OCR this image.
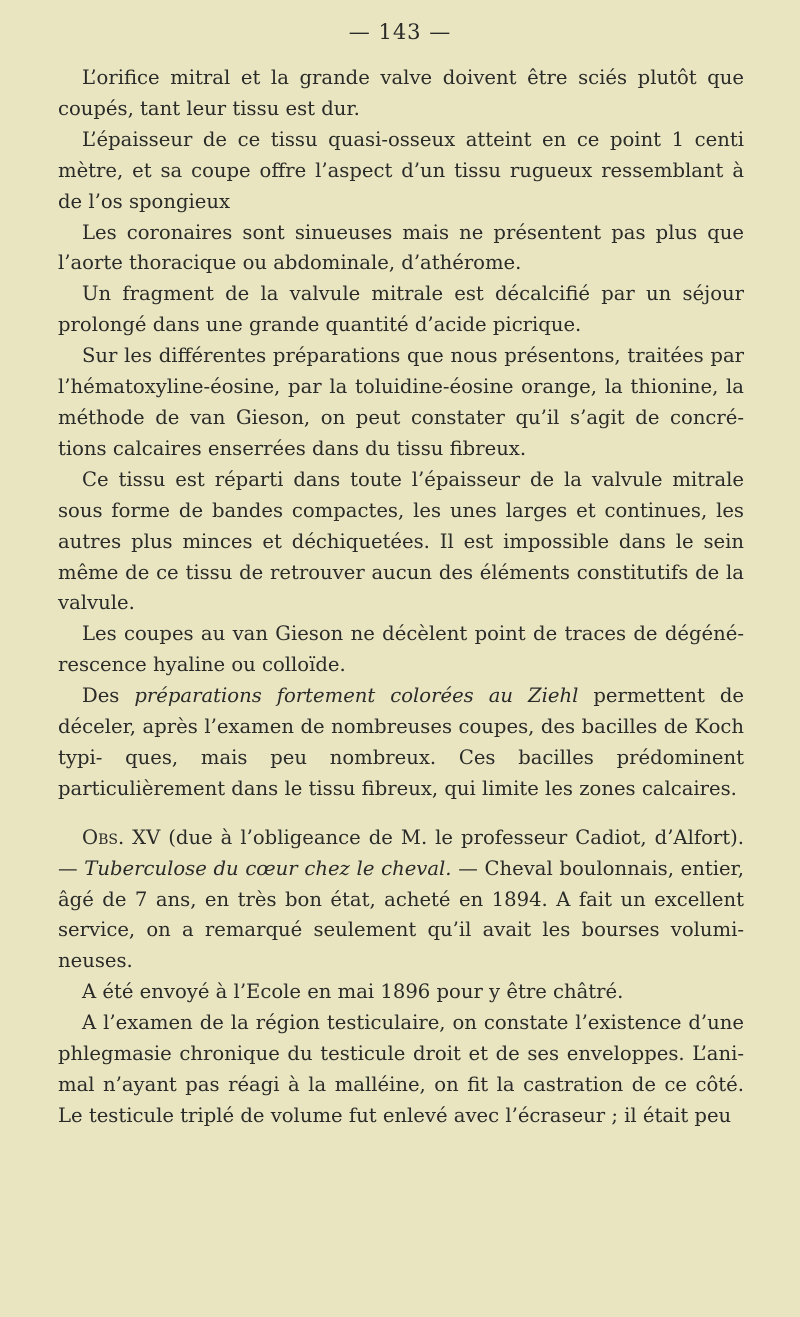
— 143 —

L’orifice mitral et la grande valve doivent être sciés plutôt que coupés, tant leur tissu est dur.

L’épaisseur de ce tissu quasi-osseux atteint en ce point 1 centi mètre, et sa coupe offre l’aspect d’un tissu rugueux ressemblant à de l’os spongieux

Les coronaires sont sinueuses mais ne présentent pas plus que l’aorte thoracique ou abdominale, d’athérome.

Un fragment de la valvule mitrale est décalcifié par un séjour prolongé dans une grande quantité d’acide picrique.

Sur les différentes préparations que nous présentons, traitées par l’hématoxyline-éosine, par la toluidine-éosine orange, la thionine, la méthode de van Gieson, on peut constater qu’il s’agit de concré- tions calcaires enserrées dans du tissu fibreux.

Ce tissu est réparti dans toute l’épaisseur de la valvule mitrale sous forme de bandes compactes, les unes larges et continues, les autres plus minces et déchiquetées. Il est impossible dans le sein même de ce tissu de retrouver aucun des éléments constitutifs de la valvule.

Les coupes au van Gieson ne décèlent point de traces de dégéné- rescence hyaline ou colloïde.

Des préparations fortement colorées au Ziehl permettent de déceler, après l’examen de nombreuses coupes, des bacilles de Koch typi- ques, mais peu nombreux. Ces bacilles prédominent particulièrement dans le tissu fibreux, qui limite les zones calcaires.

Obs. XV (due à l’obligeance de M. le professeur Cadiot, d’Alfort). — Tuberculose du cœur chez le cheval. — Cheval boulonnais, entier, âgé de 7 ans, en très bon état, acheté en 1894. A fait un excellent service, on a remarqué seulement qu’il avait les bourses volumi- neuses.

A été envoyé à l’Ecole en mai 1896 pour y être châtré.

A l’examen de la région testiculaire, on constate l’existence d’une phlegmasie chronique du testicule droit et de ses enveloppes. L’ani- mal n’ayant pas réagi à la malléine, on fit la castration de ce côté. Le testicule triplé de volume fut enlevé avec l’écraseur ; il était peu
